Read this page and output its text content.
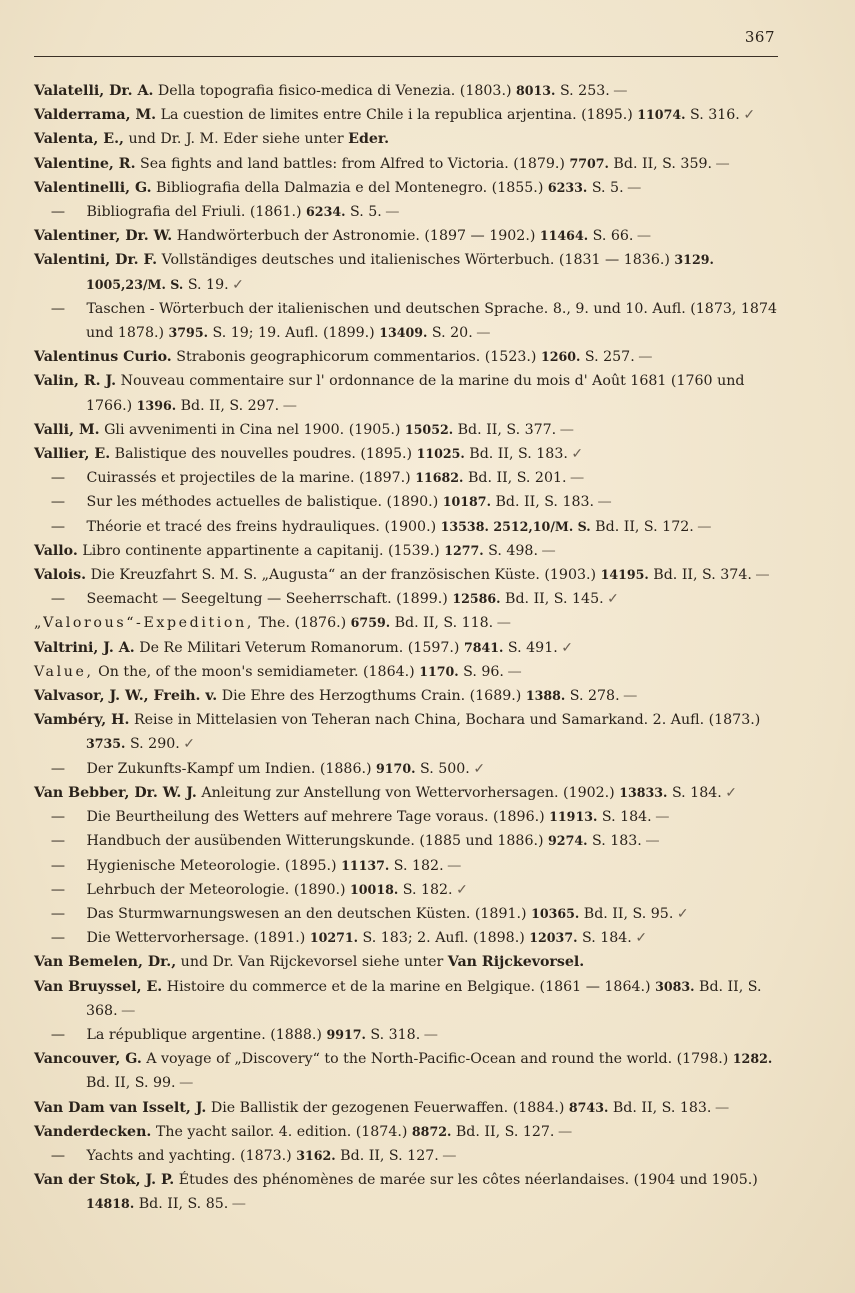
367
Valatelli, Dr. A. Della topografia fisico-medica di Venezia. (1803.) 8013. S. 253. —
Valderrama, M. La cuestion de limites entre Chile i la republica arjentina. (1895.) 11074. S. 316. ✓
Valenta, E., und Dr. J. M. Eder siehe unter Eder.
Valentine, R. Sea fights and land battles: from Alfred to Victoria. (1879.) 7707. Bd. II, S. 359. —
Valentinelli, G. Bibliografia della Dalmazia e del Montenegro. (1855.) 6233. S. 5. —
— Bibliografia del Friuli. (1861.) 6234. S. 5. —
Valentiner, Dr. W. Handwörterbuch der Astronomie. (1897 — 1902.) 11464. S. 66. —
Valentini, Dr. F. Vollständiges deutsches und italienisches Wörterbuch. (1831 — 1836.) 3129. 1005,23/M. S. S. 19. ✓
— Taschen - Wörterbuch der italienischen und deutschen Sprache. 8., 9. und 10. Aufl. (1873, 1874 und 1878.) 3795. S. 19; 19. Aufl. (1899.) 13409. S. 20. —
Valentinus Curio. Strabonis geographicorum commentarios. (1523.) 1260. S. 257. —
Valin, R. J. Nouveau commentaire sur l' ordonnance de la marine du mois d' Août 1681 (1760 und 1766.) 1396. Bd. II, S. 297. —
Valli, M. Gli avvenimenti in Cina nel 1900. (1905.) 15052. Bd. II, S. 377. —
Vallier, E. Balistique des nouvelles poudres. (1895.) 11025. Bd. II, S. 183. ✓
— Cuirassés et projectiles de la marine. (1897.) 11682. Bd. II, S. 201. —
— Sur les méthodes actuelles de balistique. (1890.) 10187. Bd. II, S. 183. —
— Théorie et tracé des freins hydrauliques. (1900.) 13538. 2512,10/M. S. Bd. II, S. 172. —
Vallo. Libro continente appartinente a capitanij. (1539.) 1277. S. 498. —
Valois. Die Kreuzfahrt S. M. S. „Augusta“ an der französischen Küste. (1903.) 14195. Bd. II, S. 374. —
— Seemacht — Seegeltung — Seeherrschaft. (1899.) 12586. Bd. II, S. 145. ✓
„Valorous“-Expedition, The. (1876.) 6759. Bd. II, S. 118. —
Valtrini, J. A. De Re Militari Veterum Romanorum. (1597.) 7841. S. 491. ✓
Value, On the, of the moon's semidiameter. (1864.) 1170. S. 96. —
Valvasor, J. W., Freih. v. Die Ehre des Herzogthums Crain. (1689.) 1388. S. 278. —
Vambéry, H. Reise in Mittelasien von Teheran nach China, Bochara und Samarkand. 2. Aufl. (1873.) 3735. S. 290. ✓
— Der Zukunfts-Kampf um Indien. (1886.) 9170. S. 500. ✓
Van Bebber, Dr. W. J. Anleitung zur Anstellung von Wettervorhersagen. (1902.) 13833. S. 184. ✓
— Die Beurtheilung des Wetters auf mehrere Tage voraus. (1896.) 11913. S. 184. —
— Handbuch der ausübenden Witterungskunde. (1885 und 1886.) 9274. S. 183. —
— Hygienische Meteorologie. (1895.) 11137. S. 182. —
— Lehrbuch der Meteorologie. (1890.) 10018. S. 182. ✓
— Das Sturmwarnungswesen an den deutschen Küsten. (1891.) 10365. Bd. II, S. 95. ✓
— Die Wettervorhersage. (1891.) 10271. S. 183; 2. Aufl. (1898.) 12037. S. 184. ✓
Van Bemelen, Dr., und Dr. Van Rijckevorsel siehe unter Van Rijckevorsel.
Van Bruyssel, E. Histoire du commerce et de la marine en Belgique. (1861 — 1864.) 3083. Bd. II, S. 368. —
— La république argentine. (1888.) 9917. S. 318. —
Vancouver, G. A voyage of „Discovery“ to the North-Pacific-Ocean and round the world. (1798.) 1282. Bd. II, S. 99. —
Van Dam van Isselt, J. Die Ballistik der gezogenen Feuerwaffen. (1884.) 8743. Bd. II, S. 183. —
Vanderdecken. The yacht sailor. 4. edition. (1874.) 8872. Bd. II, S. 127. —
— Yachts and yachting. (1873.) 3162. Bd. II, S. 127. —
Van der Stok, J. P. Études des phénomènes de marée sur les côtes néerlandaises. (1904 und 1905.) 14818. Bd. II, S. 85. —
